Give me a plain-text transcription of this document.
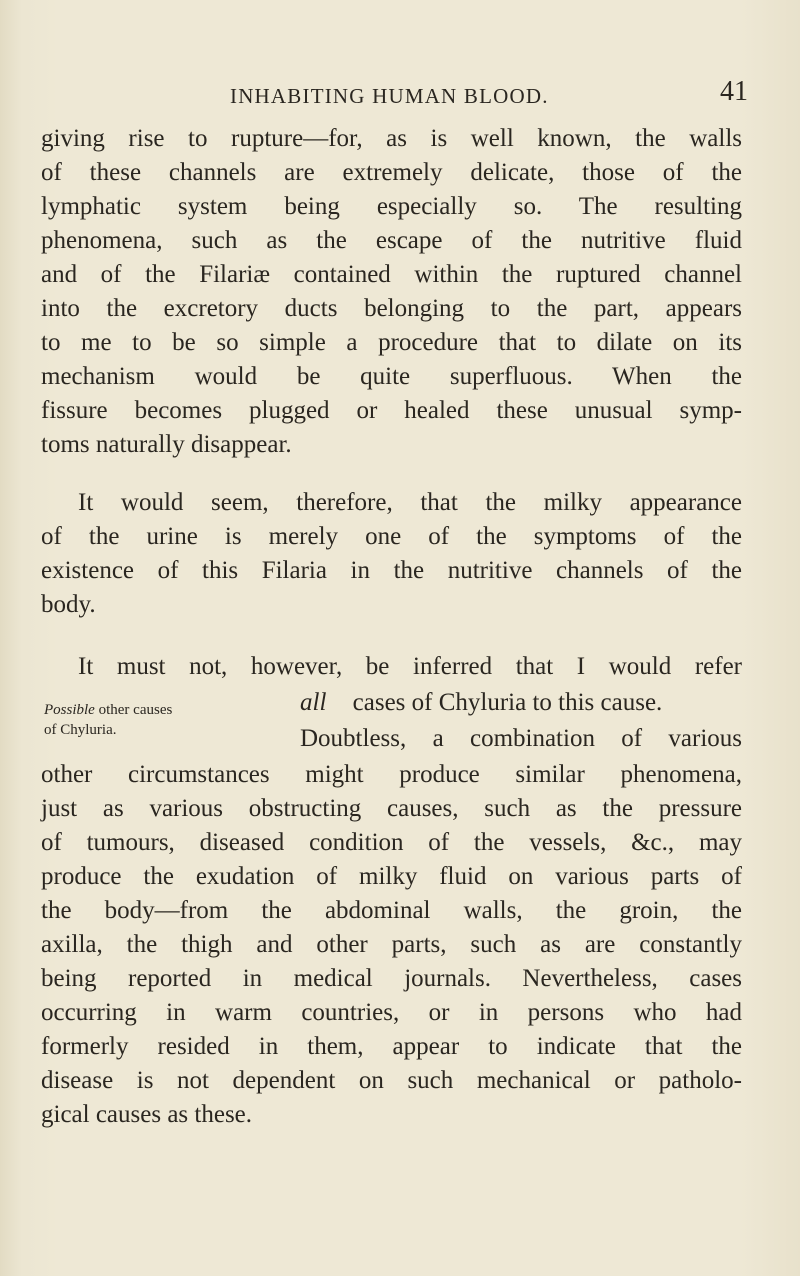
INHABITING HUMAN BLOOD.	41
giving rise to rupture—for, as is well known, the walls
of these channels are extremely delicate, those of the
lymphatic system being especially so. The resulting
phenomena, such as the escape of the nutritive fluid
and of the Filariæ contained within the ruptured channel
into the excretory ducts belonging to the part, appears
to me to be so simple a procedure that to dilate on its
mechanism would be quite superfluous. When the
fissure becomes plugged or healed these unusual symp-
toms naturally disappear.
It would seem, therefore, that the milky appearance
of the urine is merely one of the symptoms of the
existence of this Filaria in the nutritive channels of the
body.
It must not, however, be inferred that I would refer
all cases of Chyluria to this cause.
Doubtless, a combination of various
other circumstances might produce similar phenomena,
just as various obstructing causes, such as the pressure
of tumours, diseased condition of the vessels, &c., may
produce the exudation of milky fluid on various parts of
the body—from the abdominal walls, the groin, the
axilla, the thigh and other parts, such as are constantly
being reported in medical journals. Nevertheless, cases
occurring in warm countries, or in persons who had
formerly resided in them, appear to indicate that the
disease is not dependent on such mechanical or patholo-
gical causes as these.
Possible other causes
of Chyluria.
